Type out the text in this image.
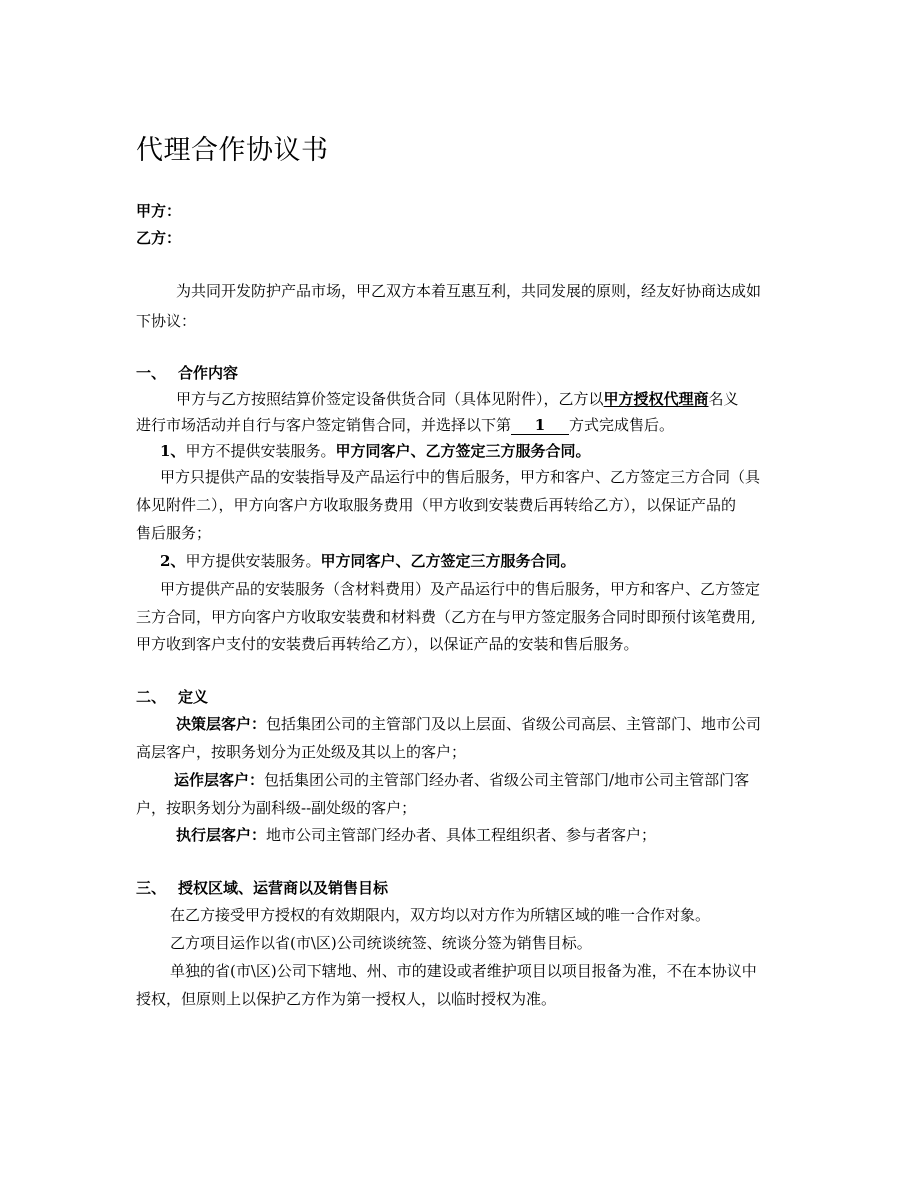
代理合作协议书
甲方：
乙方：
为共同开发防护产品市场，甲乙双方本着互惠互利，共同发展的原则，经友好协商达成如
下协议：
一、 合作内容
甲方与乙方按照结算价签定设备供货合同（具体见附件），乙方以甲方授权代理商名义
进行市场活动并自行与客户签定销售合同，并选择以下第 1 方式完成售后。
1、甲方不提供安装服务。甲方同客户、乙方签定三方服务合同。
甲方只提供产品的安装指导及产品运行中的售后服务，甲方和客户、乙方签定三方合同（具
体见附件二），甲方向客户方收取服务费用（甲方收到安装费后再转给乙方），以保证产品的
售后服务；
2、甲方提供安装服务。甲方同客户、乙方签定三方服务合同。
甲方提供产品的安装服务（含材料费用）及产品运行中的售后服务，甲方和客户、乙方签定
三方合同，甲方向客户方收取安装费和材料费（乙方在与甲方签定服务合同时即预付该笔费用,
甲方收到客户支付的安装费后再转给乙方），以保证产品的安装和售后服务。
二、 定义
决策层客户：包括集团公司的主管部门及以上层面、省级公司高层、主管部门、地市公司
高层客户，按职务划分为正处级及其以上的客户；
运作层客户：包括集团公司的主管部门经办者、省级公司主管部门/地市公司主管部门客
户，按职务划分为副科级--副处级的客户；
执行层客户：地市公司主管部门经办者、具体工程组织者、参与者客户；
三、 授权区域、运营商以及销售目标
在乙方接受甲方授权的有效期限内，双方均以对方作为所辖区域的唯一合作对象。
乙方项目运作以省(市\区)公司统谈统签、统谈分签为销售目标。
单独的省(市\区)公司下辖地、州、市的建设或者维护项目以项目报备为准，不在本协议中
授权，但原则上以保护乙方作为第一授权人，以临时授权为准。
